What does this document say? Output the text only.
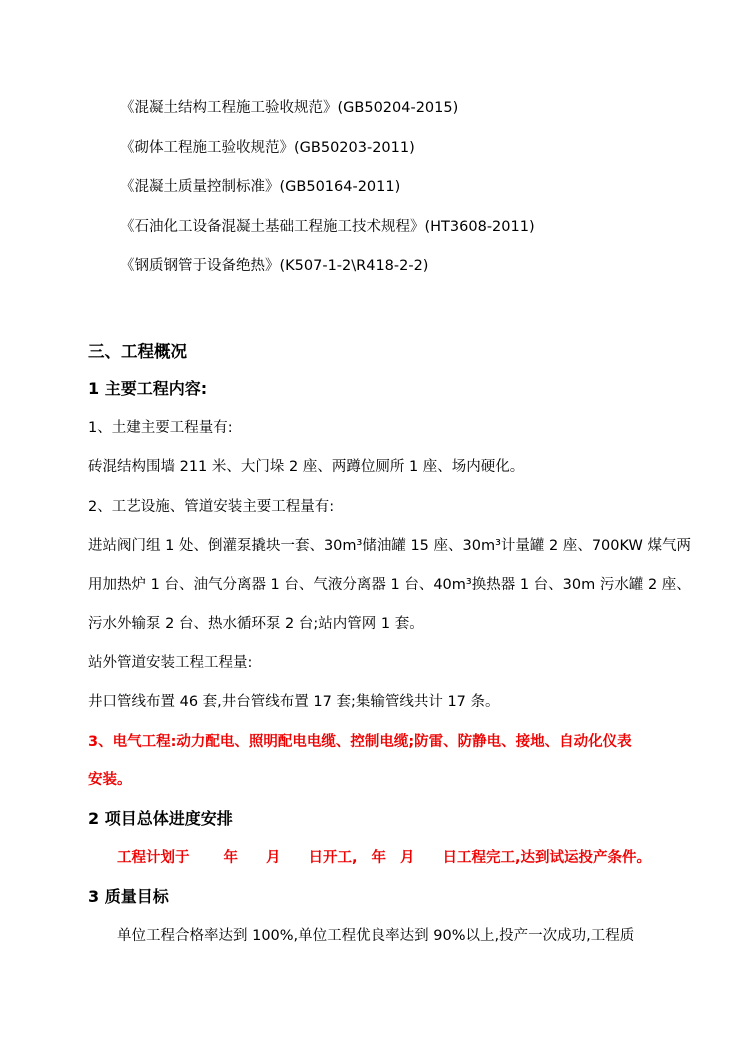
《混凝土结构工程施工验收规范》(GB50204-2015)
《砌体工程施工验收规范》(GB50203-2011)
《混凝土质量控制标准》(GB50164-2011)
《石油化工设备混凝土基础工程施工技术规程》(HT3608-2011)
《钢质钢管于设备绝热》(K507-1-2\R418-2-2)
三、工程概况
1 主要工程内容:
1、土建主要工程量有:
砖混结构围墙 211 米、大门垛 2 座、两蹲位厕所 1 座、场内硬化。
2、工艺设施、管道安装主要工程量有:
进站阀门组 1 处、倒灌泵撬块一套、30m³储油罐 15 座、30m³计量罐 2 座、700KW 煤气两
用加热炉 1 台、油气分离器 1 台、气液分离器 1 台、40m³换热器 1 台、30m 污水罐 2 座、
污水外输泵 2 台、热水循环泵 2 台;站内管网 1 套。
站外管道安装工程工程量:
井口管线布置 46 套,井台管线布置 17 套;集输管线共计 17 条。
3、电气工程:动力配电、照明配电电缆、控制电缆;防雷、防静电、接地、自动化仪表
安装。
2 项目总体进度安排
工程计划于 年 月 日开工, 年 月 日工程完工,达到试运投产条件。
3 质量目标
单位工程合格率达到 100%,单位工程优良率达到 90%以上,投产一次成功,工程质
